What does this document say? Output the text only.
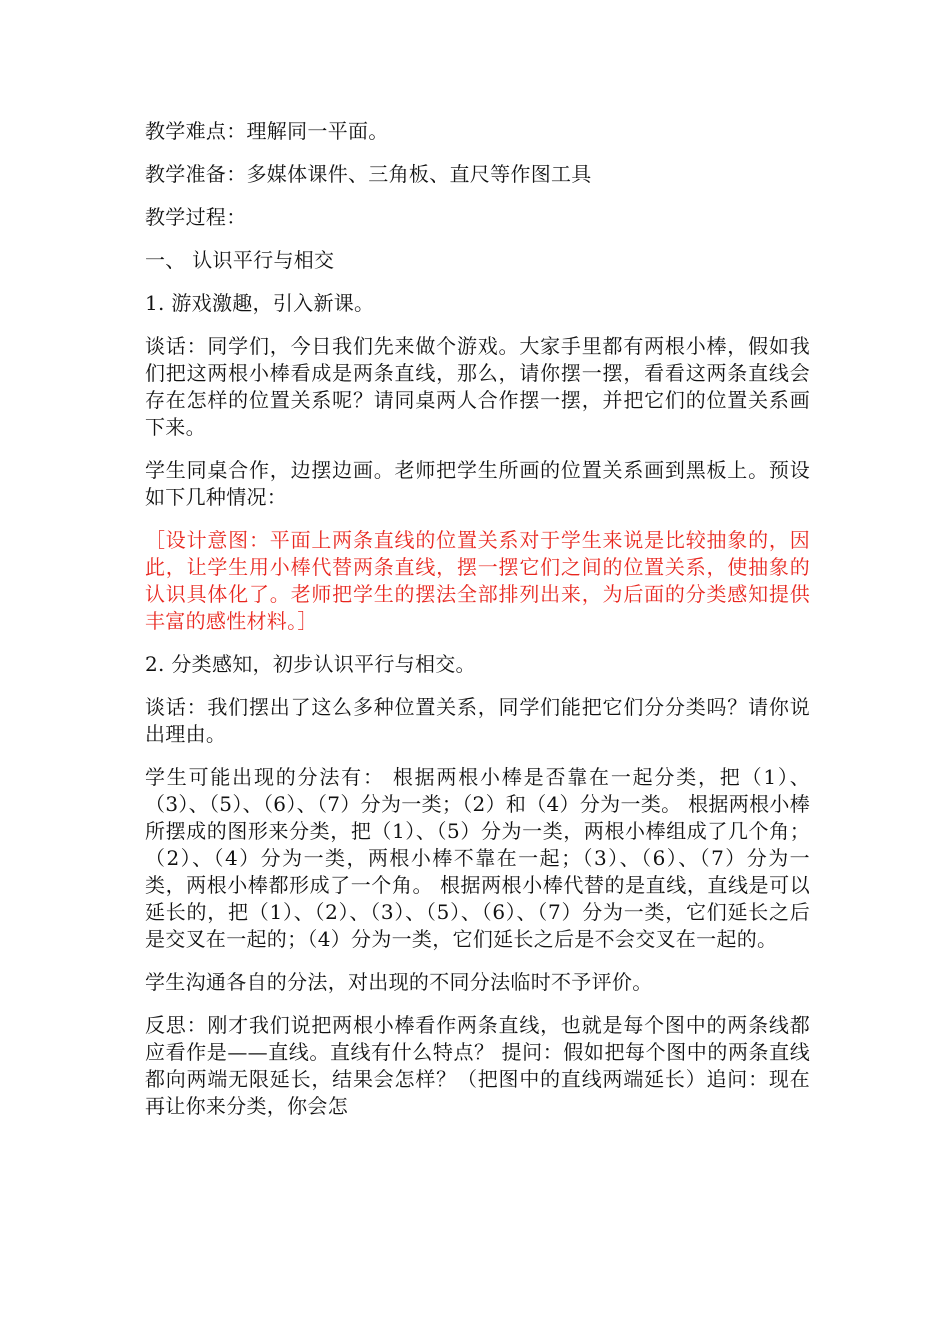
教学难点：理解同一平面。

教学准备：多媒体课件、三角板、直尺等作图工具

教学过程：

一、 认识平行与相交

1. 游戏激趣，引入新课。

谈话：同学们，今日我们先来做个游戏。大家手里都有两根小棒，假如我们把这两根小棒看成是两条直线，那么，请你摆一摆，看看这两条直线会存在怎样的位置关系呢？请同桌两人合作摆一摆，并把它们的位置关系画下来。

学生同桌合作，边摆边画。老师把学生所画的位置关系画到黑板上。预设如下几种情况：

［设计意图：平面上两条直线的位置关系对于学生来说是比较抽象的，因此，让学生用小棒代替两条直线，摆一摆它们之间的位置关系，使抽象的认识具体化了。老师把学生的摆法全部排列出来，为后面的分类感知提供丰富的感性材料。］

2. 分类感知，初步认识平行与相交。

谈话：我们摆出了这么多种位置关系，同学们能把它们分分类吗？请你说出理由。

学生可能出现的分法有： 根据两根小棒是否靠在一起分类，把（1）、（3）、（5）、（6）、（7）分为一类；（2）和（4）分为一类。 根据两根小棒所摆成的图形来分类，把（1）、（5）分为一类，两根小棒组成了几个角；（2）、（4）分为一类，两根小棒不靠在一起；（3）、（6）、（7）分为一类，两根小棒都形成了一个角。 根据两根小棒代替的是直线，直线是可以延长的，把（1）、（2）、（3）、（5）、（6）、（7）分为一类，它们延长之后是交叉在一起的；（4）分为一类，它们延长之后是不会交叉在一起的。

学生沟通各自的分法，对出现的不同分法临时不予评价。

反思：刚才我们说把两根小棒看作两条直线，也就是每个图中的两条线都应看作是——直线。直线有什么特点？ 提问：假如把每个图中的两条直线都向两端无限延长，结果会怎样？（把图中的直线两端延长）追问：现在再让你来分类，你会怎
